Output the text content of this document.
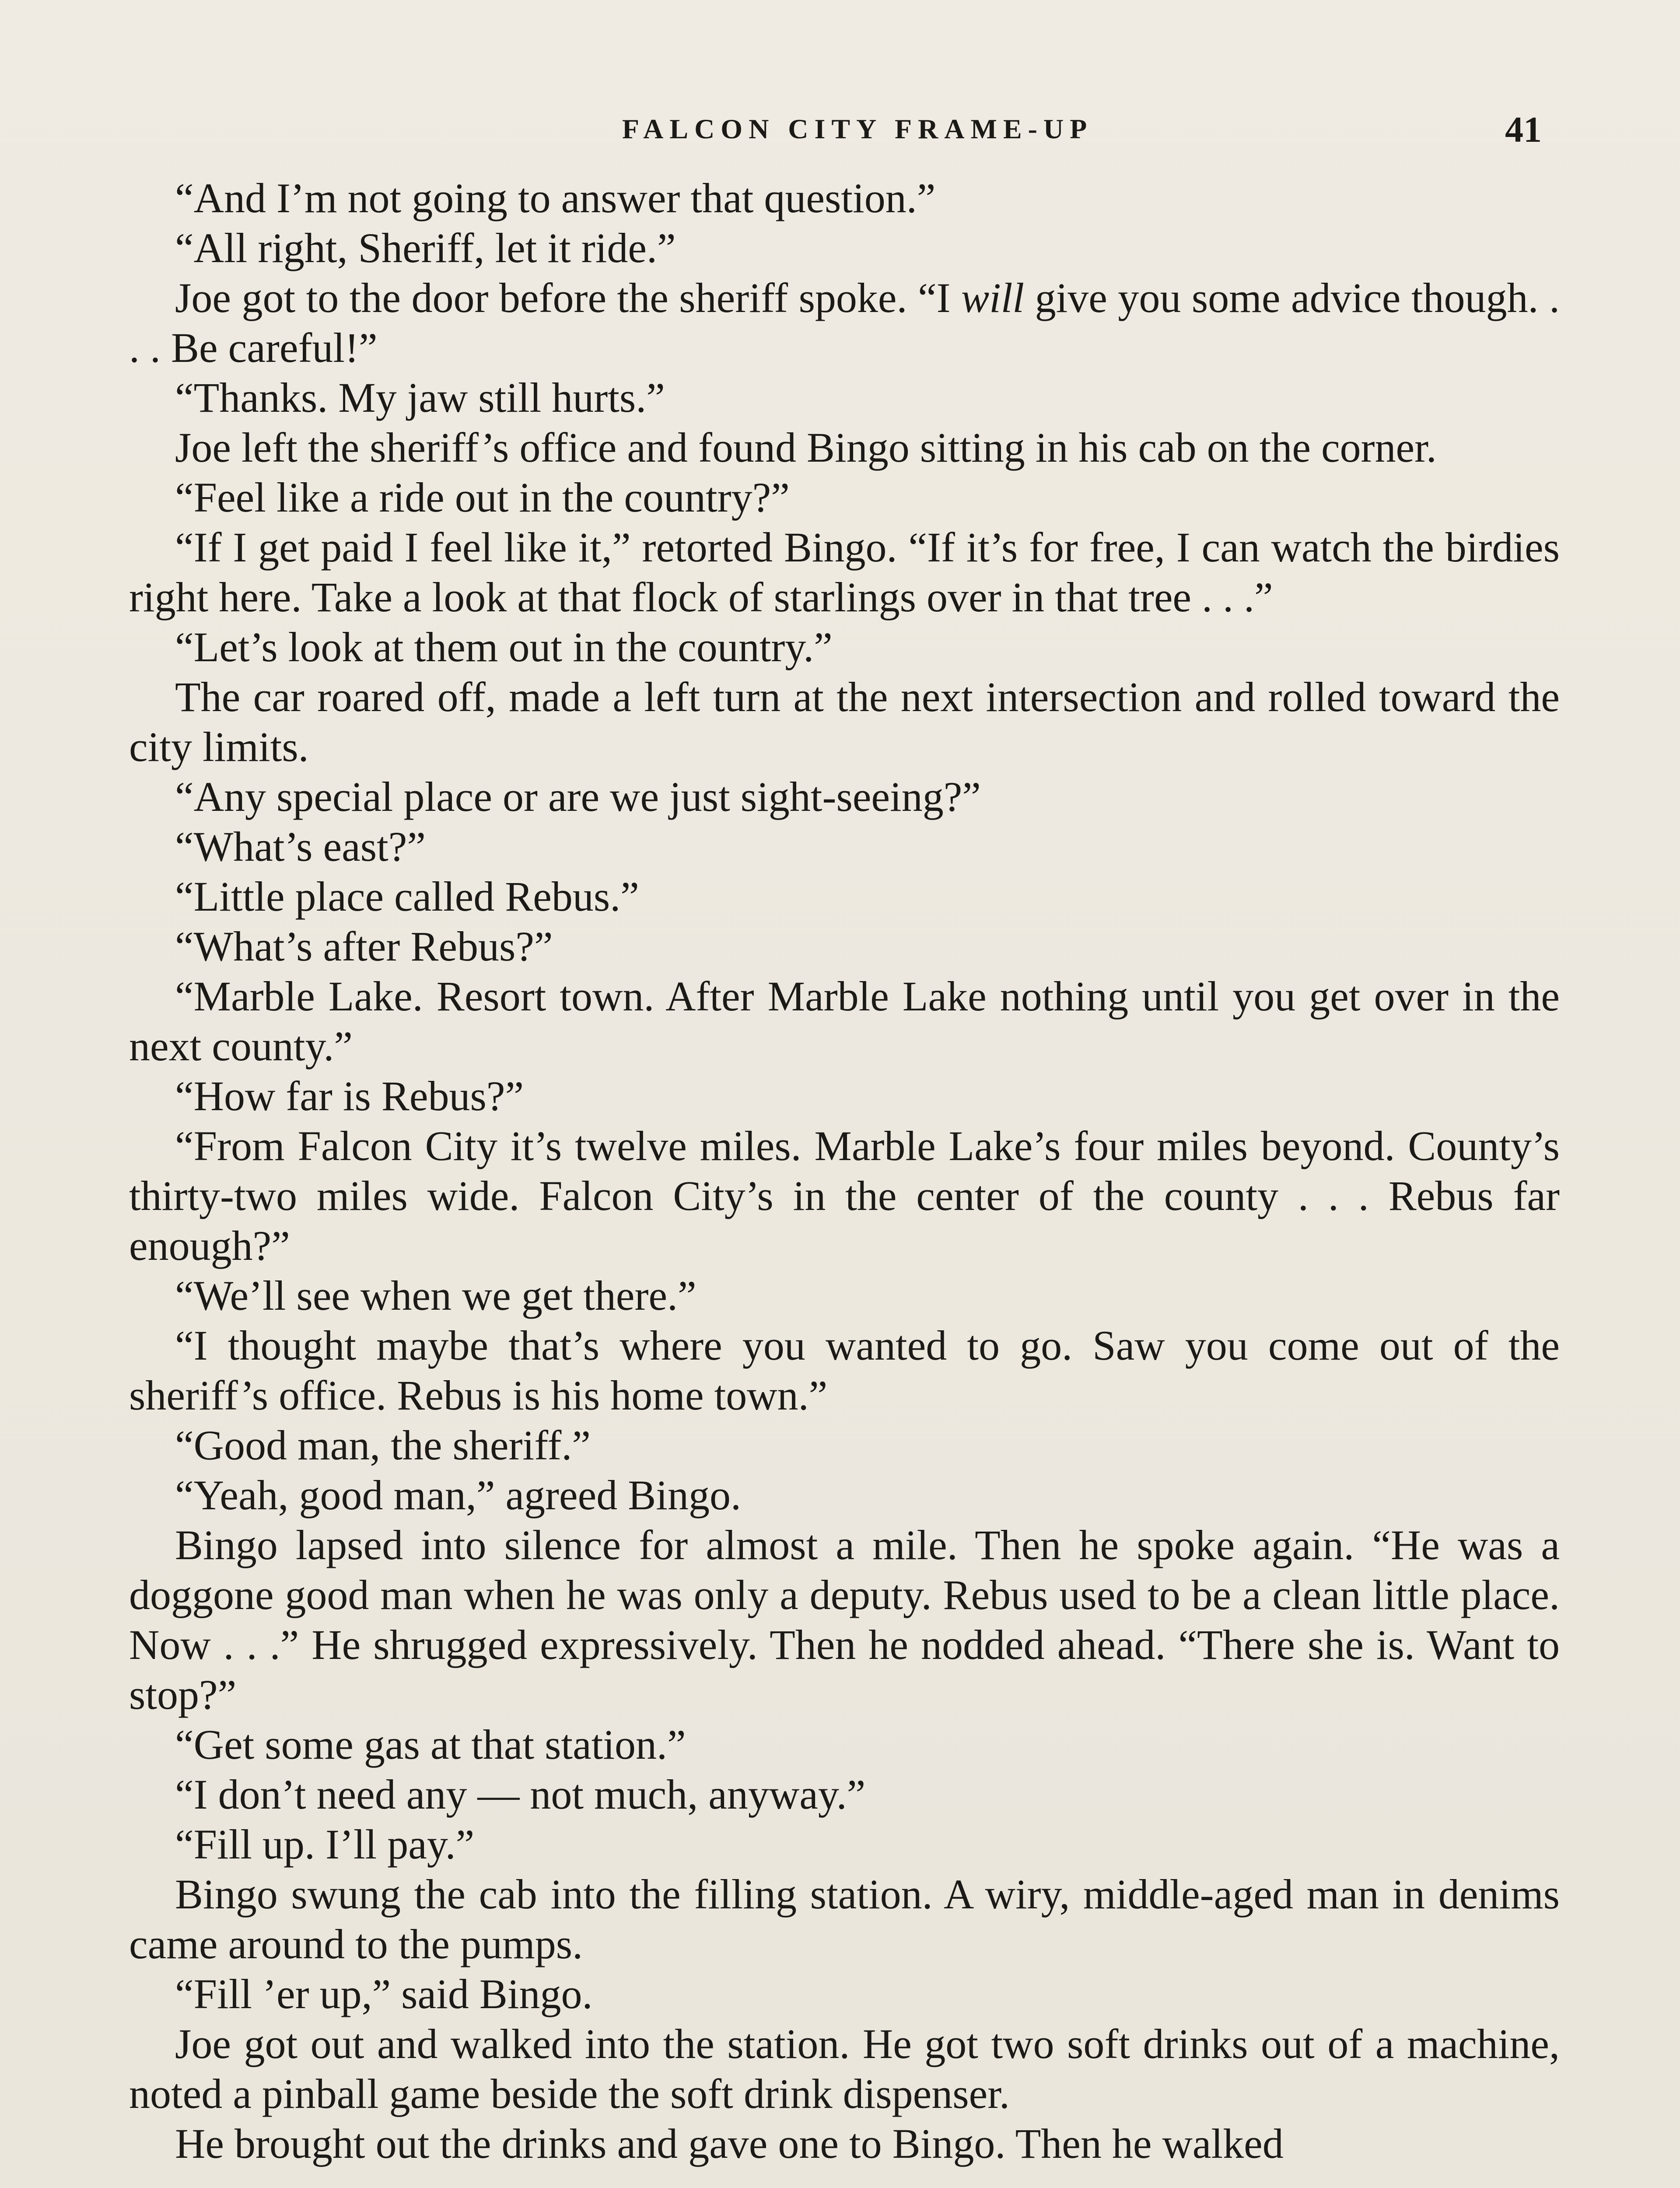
FALCON CITY FRAME-UP	41

“And I’m not going to answer that question.”

“All right, Sheriff, let it ride.”

Joe got to the door before the sheriff spoke. “I will give you some advice though. . . . Be careful!”

“Thanks. My jaw still hurts.”

Joe left the sheriff’s office and found Bingo sitting in his cab on the corner.

“Feel like a ride out in the country?”

“If I get paid I feel like it,” retorted Bingo. “If it’s for free, I can watch the birdies right here. Take a look at that flock of starlings over in that tree . . .”

“Let’s look at them out in the country.”

The car roared off, made a left turn at the next intersection and rolled toward the city limits.

“Any special place or are we just sight-seeing?”

“What’s east?”

“Little place called Rebus.”

“What’s after Rebus?”

“Marble Lake. Resort town. After Marble Lake nothing until you get over in the next county.”

“How far is Rebus?”

“From Falcon City it’s twelve miles. Marble Lake’s four miles beyond. County’s thirty-two miles wide. Falcon City’s in the center of the county . . . Rebus far enough?”

“We’ll see when we get there.”

“I thought maybe that’s where you wanted to go. Saw you come out of the sheriff’s office. Rebus is his home town.”

“Good man, the sheriff.”

“Yeah, good man,” agreed Bingo.

Bingo lapsed into silence for almost a mile. Then he spoke again. “He was a doggone good man when he was only a deputy. Rebus used to be a clean little place. Now . . .” He shrugged expressively. Then he nodded ahead. “There she is. Want to stop?”

“Get some gas at that station.”

“I don’t need any — not much, anyway.”

“Fill up. I’ll pay.”

Bingo swung the cab into the filling station. A wiry, middle-aged man in denims came around to the pumps.

“Fill ’er up,” said Bingo.

Joe got out and walked into the station. He got two soft drinks out of a machine, noted a pinball game beside the soft drink dispenser.

He brought out the drinks and gave one to Bingo. Then he walked
